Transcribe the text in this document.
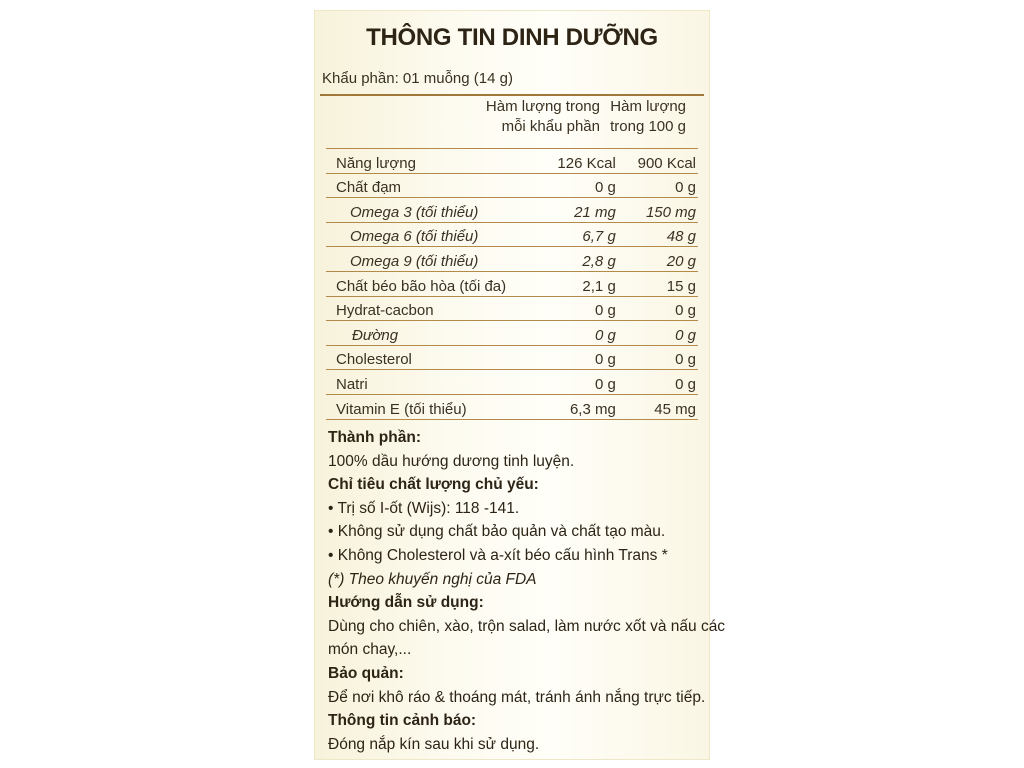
THÔNG TIN DINH DƯỠNG
Khẩu phần: 01 muỗng (14 g)
Hàm lượng trong
mỗi khẩu phần
Hàm lượng
trong 100 g
Năng lượng	126 Kcal	900 Kcal
Chất đạm	0 g	0 g
Omega 3 (tối thiểu)	21 mg	150 mg
Omega 6 (tối thiểu)	6,7 g	48 g
Omega 9 (tối thiểu)	2,8 g	20 g
Chất béo bão hòa (tối đa)	2,1 g	15 g
Hydrat-cacbon	0 g	0 g
Đường	0 g	0 g
Cholesterol	0 g	0 g
Natri	0 g	0 g
Vitamin E (tối thiểu)	6,3 mg	45 mg
Thành phần:
100% dầu hướng dương tinh luyện.
Chỉ tiêu chất lượng chủ yếu:
• Trị số I-ốt (Wijs): 118 -141.
• Không sử dụng chất bảo quản và chất tạo màu.
• Không Cholesterol và a-xít béo cấu hình Trans *
(*) Theo khuyến nghị của FDA
Hướng dẫn sử dụng:
Dùng cho chiên, xào, trộn salad, làm nước xốt và nấu các
món chay,...
Bảo quản:
Để nơi khô ráo & thoáng mát, tránh ánh nắng trực tiếp.
Thông tin cảnh báo:
Đóng nắp kín sau khi sử dụng.
